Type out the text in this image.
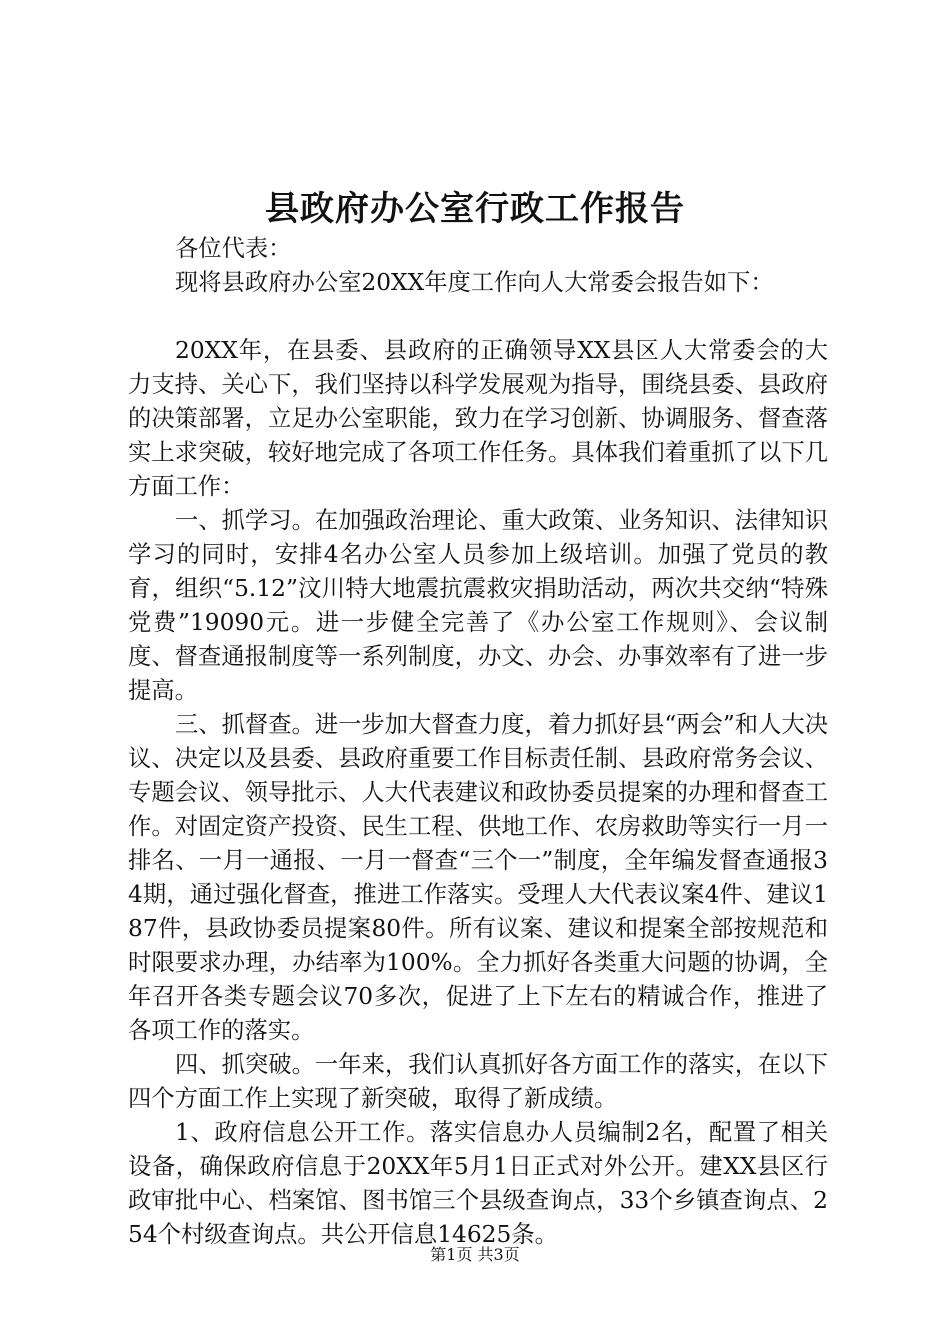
县政府办公室行政工作报告

各位代表：

现将县政府办公室20XX年度工作向人大常委会报告如下：

20XX年，在县委、县政府的正确领导XX县区人大常委会的大力支持、关心下，我们坚持以科学发展观为指导，围绕县委、县政府的决策部署，立足办公室职能，致力在学习创新、协调服务、督查落实上求突破，较好地完成了各项工作任务。具体我们着重抓了以下几方面工作：

一、抓学习。在加强政治理论、重大政策、业务知识、法律知识学习的同时，安排4名办公室人员参加上级培训。加强了党员的教育，组织“5.12”汶川特大地震抗震救灾捐助活动，两次共交纳“特殊党费”19090元。进一步健全完善了《办公室工作规则》、会议制度、督查通报制度等一系列制度，办文、办会、办事效率有了进一步提高。

三、抓督查。进一步加大督查力度，着力抓好县“两会”和人大决议、决定以及县委、县政府重要工作目标责任制、县政府常务会议、专题会议、领导批示、人大代表建议和政协委员提案的办理和督查工作。对固定资产投资、民生工程、供地工作、农房救助等实行一月一排名、一月一通报、一月一督查“三个一”制度，全年编发督查通报34期，通过强化督查，推进工作落实。受理人大代表议案4件、建议187件，县政协委员提案80件。所有议案、建议和提案全部按规范和时限要求办理，办结率为100%。全力抓好各类重大问题的协调，全年召开各类专题会议70多次，促进了上下左右的精诚合作，推进了各项工作的落实。

四、抓突破。一年来，我们认真抓好各方面工作的落实，在以下四个方面工作上实现了新突破，取得了新成绩。

1、政府信息公开工作。落实信息办人员编制2名，配置了相关设备，确保政府信息于20XX年5月1日正式对外公开。建XX县区行政审批中心、档案馆、图书馆三个县级查询点，33个乡镇查询点、254个村级查询点。共公开信息14625条。

第1页 共3页
